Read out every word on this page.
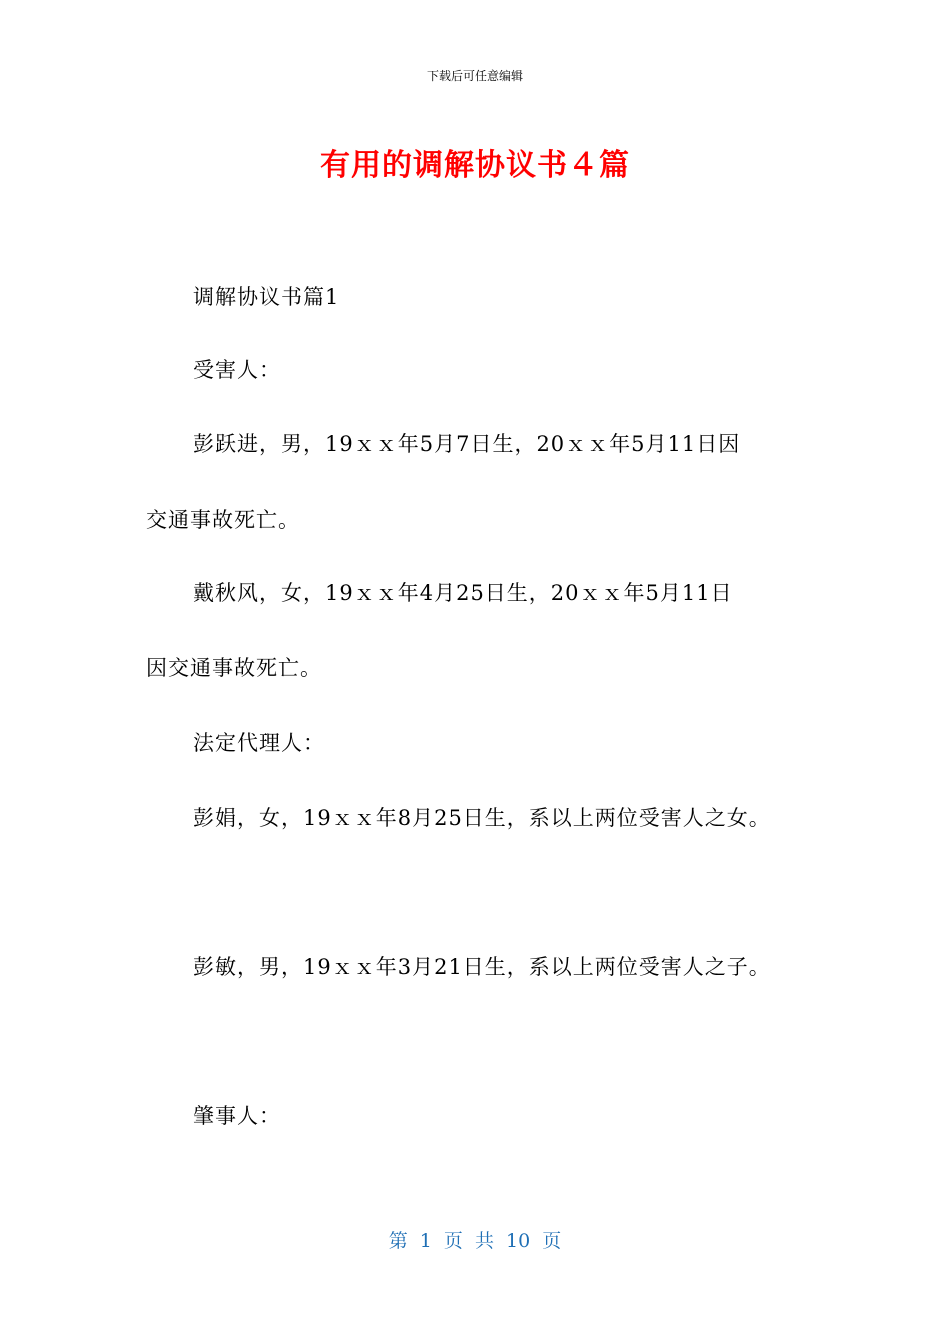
下载后可任意编辑
有用的调解协议书４篇
调解协议书篇1
受害人：
彭跃进，男，19ｘｘ年5月7日生，20ｘｘ年5月11日因
交通事故死亡。
戴秋风，女，19ｘｘ年4月25日生，20ｘｘ年5月11日
因交通事故死亡。
法定代理人：
彭娟，女，19ｘｘ年8月25日生，系以上两位受害人之女。
彭敏，男，19ｘｘ年3月21日生，系以上两位受害人之子。
肇事人：
第 1 页 共 10 页
